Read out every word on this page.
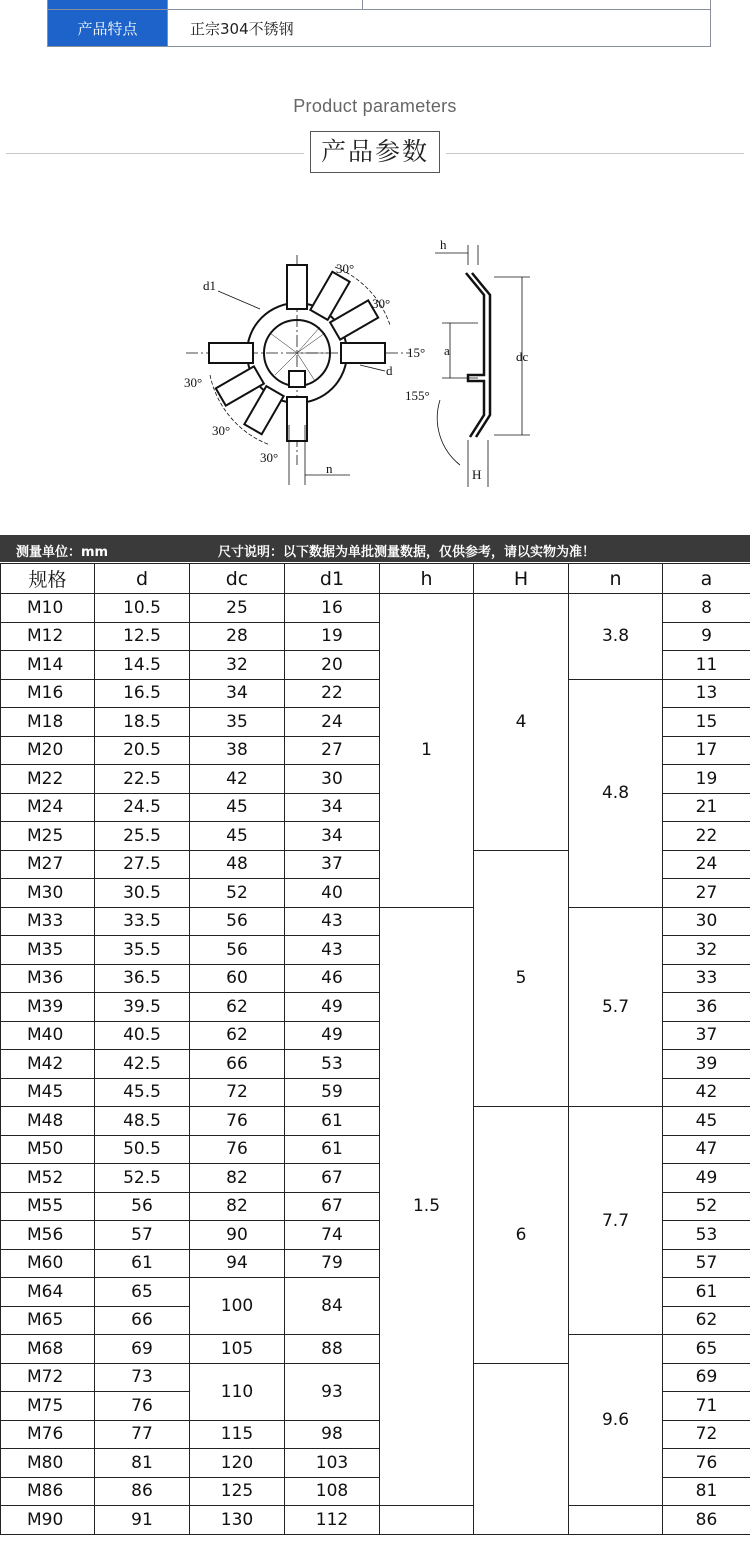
产品特点	正宗304不锈钢	
Product parameters
产品参数
d1
d
30°
30°
30°
30°
30°
15°
155°
n
h
dc
a
H
测量单位：mm	尺寸说明：以下数据为单批测量数据，仅供参考，请以实物为准！
规格	d	dc	d1	h	H	n	a
M10	10.5	25	16	1	4	3.8	8
M12	12.5	28	19				9
M14	14.5	32	20				11
M16	16.5	34	22			4.8	13
M18	18.5	35	24				15
M20	20.5	38	27				17
M22	22.5	42	30				19
M24	24.5	45	34				21
M25	25.5	45	34				22
M27	27.5	48	37		5		24
M30	30.5	52	40				27
M33	33.5	56	43	1.5		5.7	30
M35	35.5	56	43				32
M36	36.5	60	46				33
M39	39.5	62	49				36
M40	40.5	62	49				37
M42	42.5	66	53				39
M45	45.5	72	59				42
M48	48.5	76	61		6	7.7	45
M50	50.5	76	61				47
M52	52.5	82	67				49
M55	56	82	67				52
M56	57	90	74				53
M60	61	94	79				57
M64	65	100	84				61
M65	66						62
M68	69	105	88			9.6	65
M72	73	110	93				69
M75	76						71
M76	77	115	98				72
M80	81	120	103				76
M86	86	125	108				81
M90	91	130	112				86
